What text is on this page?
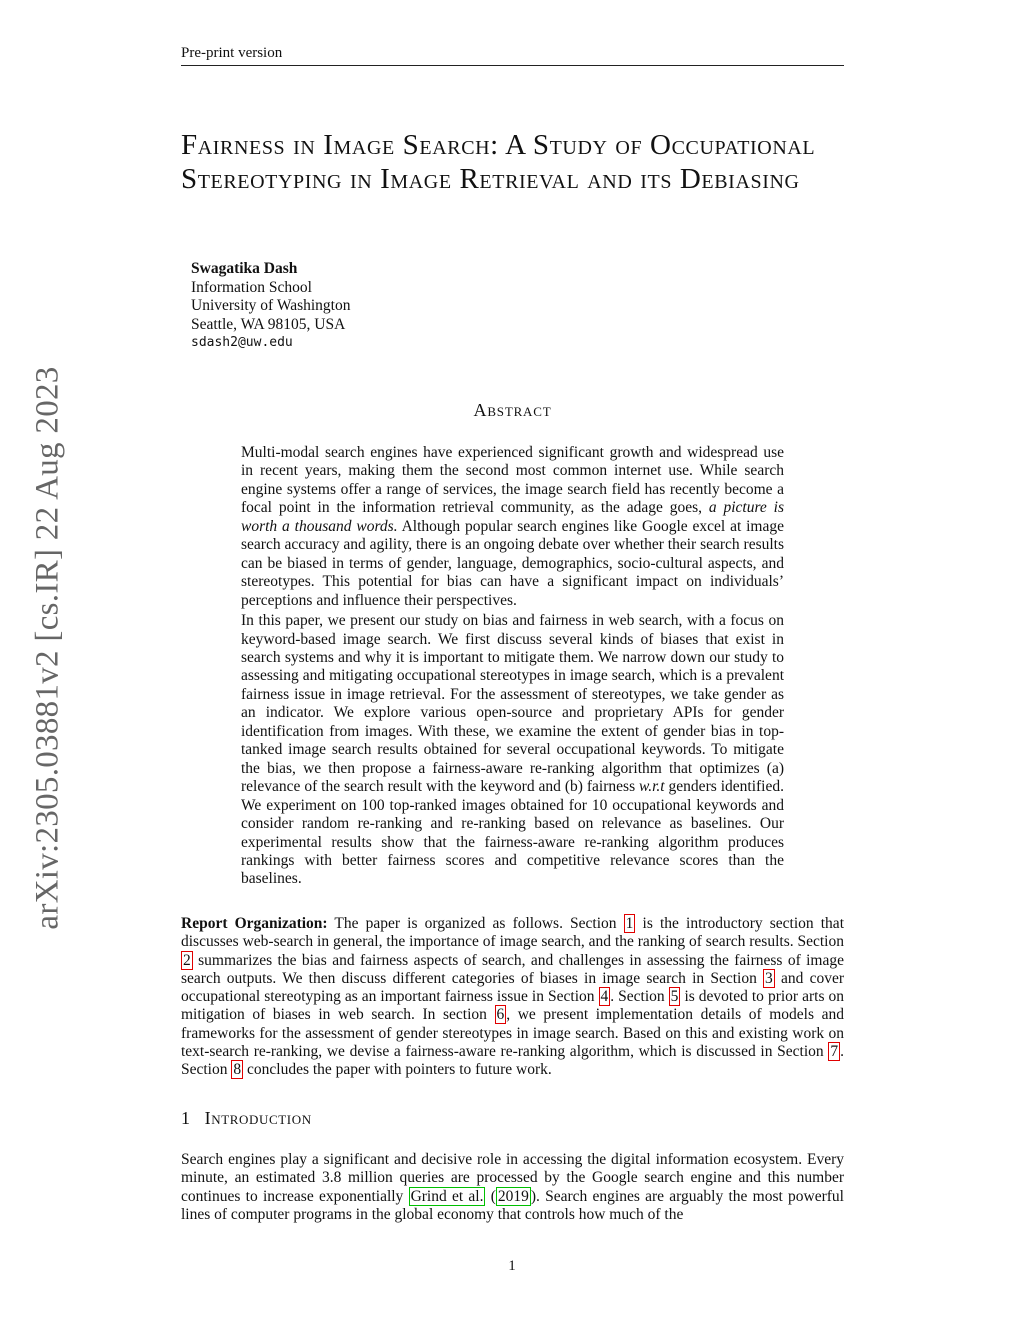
Pre-print version
arXiv:2305.03881v2 [cs.IR] 22 Aug 2023
Fairness in Image Search: A Study of Occupational Stereotyping in Image Retrieval and its Debiasing
Swagatika Dash
Information School
University of Washington
Seattle, WA 98105, USA
sdash2@uw.edu
Abstract

Multi-modal search engines have experienced significant growth and widespread use in recent years, making them the second most common internet use. While search engine systems offer a range of services, the image search field has recently become a focal point in the information retrieval community, as the adage goes, a picture is worth a thousand words. Although popular search engines like Google excel at image search accuracy and agility, there is an ongoing debate over whether their search results can be biased in terms of gender, language, demographics, socio-cultural aspects, and stereotypes. This potential for bias can have a significant impact on individuals’ perceptions and influence their perspectives.

In this paper, we present our study on bias and fairness in web search, with a focus on keyword-based image search. We first discuss several kinds of biases that exist in search systems and why it is important to mitigate them. We narrow down our study to assessing and mitigating occupational stereotypes in image search, which is a prevalent fairness issue in image retrieval. For the assessment of stereotypes, we take gender as an indicator. We explore various open-source and proprietary APIs for gender identification from images. With these, we examine the extent of gender bias in top-tanked image search results obtained for several occupational keywords. To mitigate the bias, we then propose a fairness-aware re-ranking algorithm that optimizes (a) relevance of the search result with the keyword and (b) fairness w.r.t genders identified. We experiment on 100 top-ranked images obtained for 10 occupational keywords and consider random re-ranking and re-ranking based on relevance as baselines. Our experimental results show that the fairness-aware re-ranking algorithm produces rankings with better fairness scores and competitive relevance scores than the baselines.

Report Organization: The paper is organized as follows. Section 1 is the introductory section that discusses web-search in general, the importance of image search, and the ranking of search results. Section 2 summarizes the bias and fairness aspects of search, and challenges in assessing the fairness of image search outputs. We then discuss different categories of biases in image search in Section 3 and cover occupational stereotyping as an important fairness issue in Section 4 . Section 5 is devoted to prior arts on mitigation of biases in web search. In section 6 , we present implementation details of models and frameworks for the assessment of gender stereotypes in image search. Based on this and existing work on text-search re-ranking, we devise a fairness-aware re-ranking algorithm, which is discussed in Section 7 . Section 8 concludes the paper with pointers to future work.

1 Introduction

Search engines play a significant and decisive role in accessing the digital information ecosystem. Every minute, an estimated 3.8 million queries are processed by the Google search engine and this number continues to increase exponentially Grind et al. ( 2019 ). Search engines are arguably the most powerful lines of computer programs in the global economy that controls how much of the

1
